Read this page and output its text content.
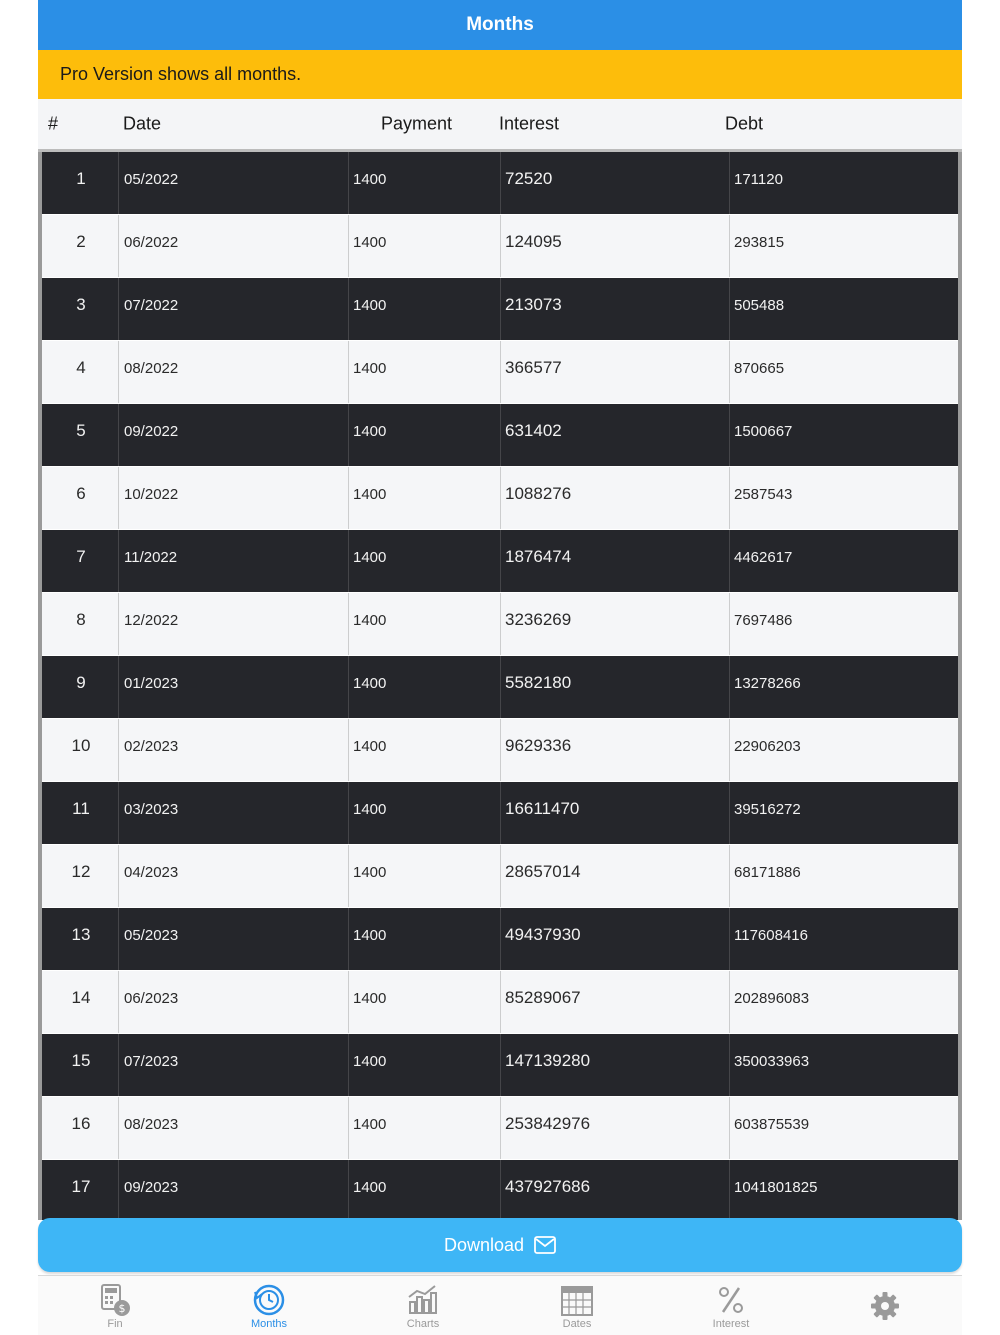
Months
Pro Version shows all months.
#	Date	Payment	Interest	Debt
1	05/2022	1400	72520	171120
2	06/2022	1400	124095	293815
3	07/2022	1400	213073	505488
4	08/2022	1400	366577	870665
5	09/2022	1400	631402	1500667
6	10/2022	1400	1088276	2587543
7	11/2022	1400	1876474	4462617
8	12/2022	1400	3236269	7697486
9	01/2023	1400	5582180	13278266
10	02/2023	1400	9629336	22906203
11	03/2023	1400	16611470	39516272
12	04/2023	1400	28657014	68171886
13	05/2023	1400	49437930	117608416
14	06/2023	1400	85289067	202896083
15	07/2023	1400	147139280	350033963
16	08/2023	1400	253842976	603875539
17	09/2023	1400	437927686	1041801825
Download
$
Fin	Months	Charts	Dates	Interest
